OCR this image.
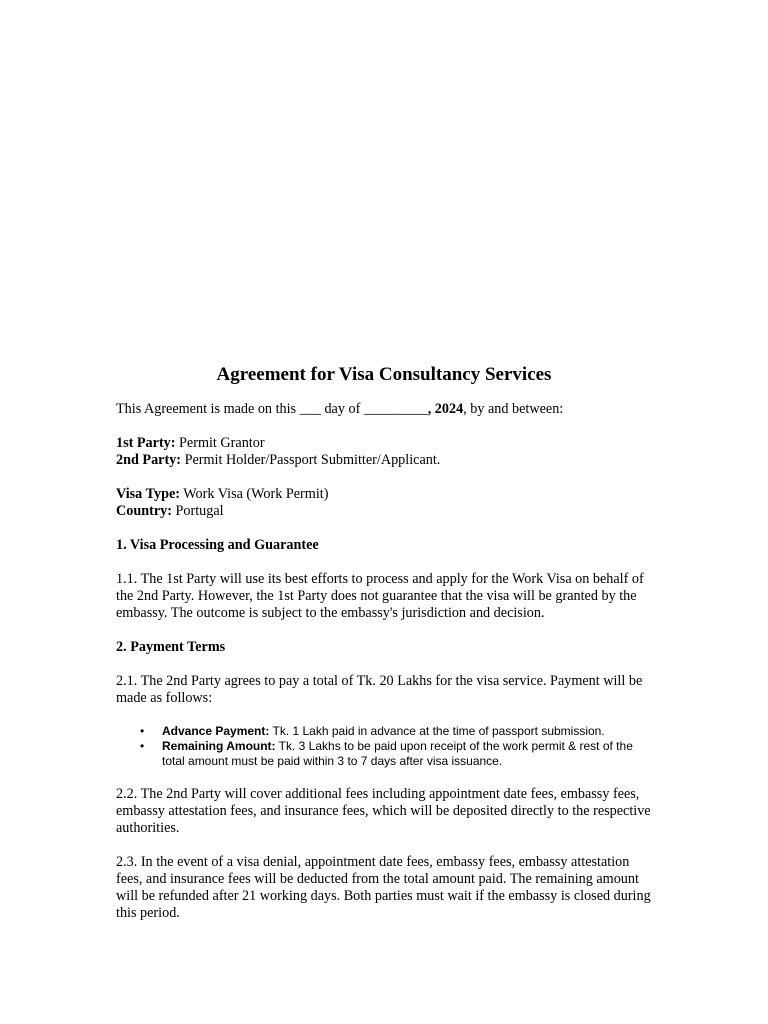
Agreement for Visa Consultancy Services

This Agreement is made on this ___ day of _________, 2024, by and between:

1st Party: Permit Grantor

2nd Party: Permit Holder/Passport Submitter/Applicant.

Visa Type: Work Visa (Work Permit)

Country: Portugal

1. Visa Processing and Guarantee

1.1. The 1st Party will use its best efforts to process and apply for the Work Visa on behalf of the 2nd Party. However, the 1st Party does not guarantee that the visa will be granted by the embassy. The outcome is subject to the embassy's jurisdiction and decision.

2. Payment Terms

2.1. The 2nd Party agrees to pay a total of Tk. 20 Lakhs for the visa service. Payment will be made as follows:

• Advance Payment: Tk. 1 Lakh paid in advance at the time of passport submission.
• Remaining Amount: Tk. 3 Lakhs to be paid upon receipt of the work permit & rest of the total amount must be paid within 3 to 7 days after visa issuance.

2.2. The 2nd Party will cover additional fees including appointment date fees, embassy fees, embassy attestation fees, and insurance fees, which will be deposited directly to the respective authorities.

2.3. In the event of a visa denial, appointment date fees, embassy fees, embassy attestation fees, and insurance fees will be deducted from the total amount paid. The remaining amount will be refunded after 21 working days. Both parties must wait if the embassy is closed during this period.
